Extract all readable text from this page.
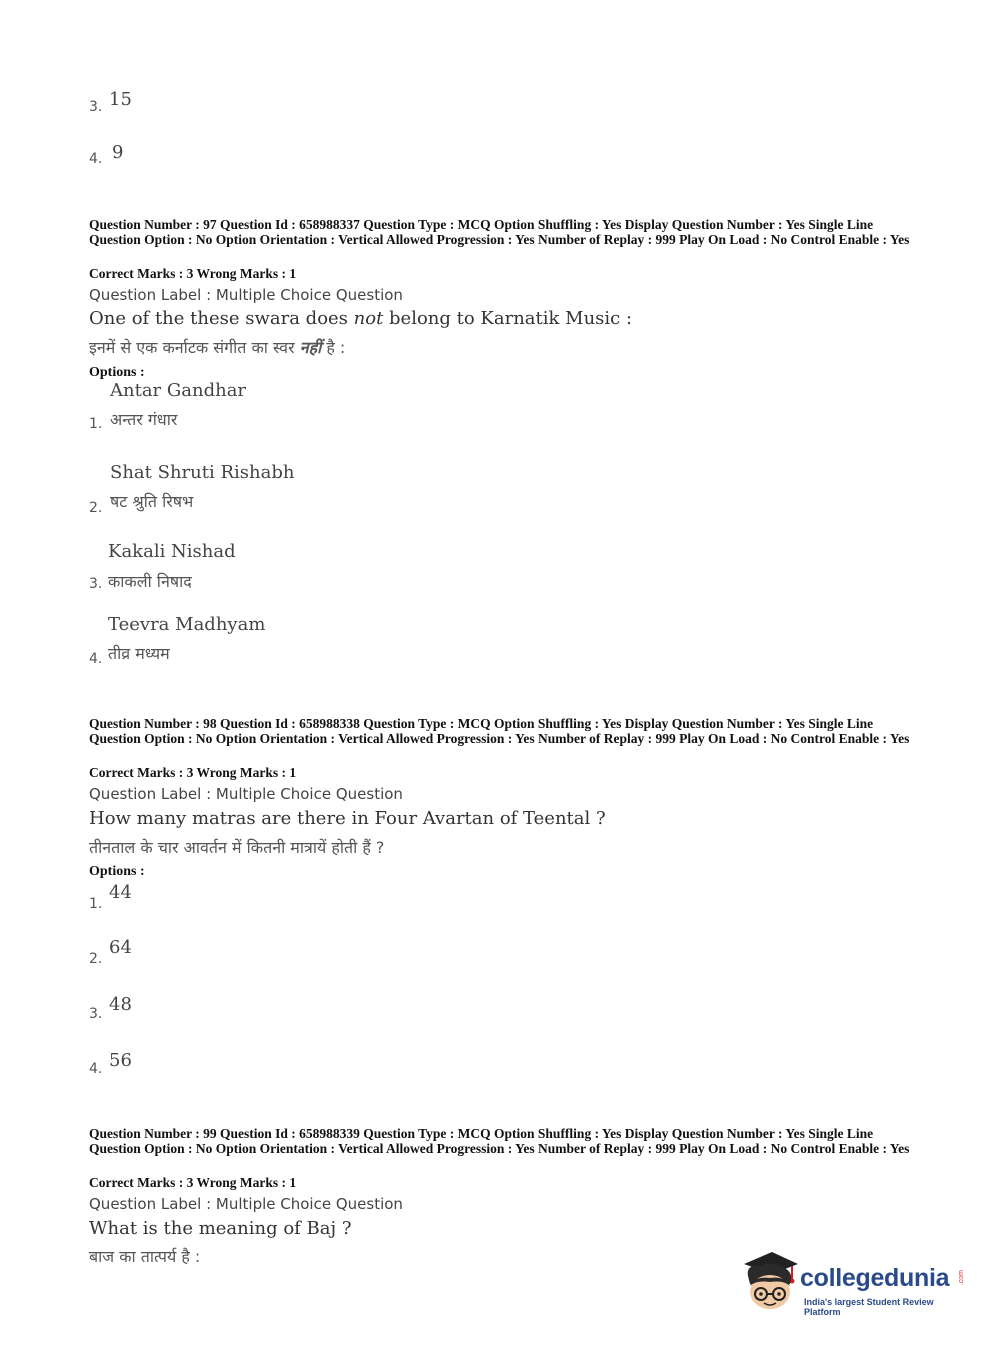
3. 15
4. 9
Question Number : 97 Question Id : 658988337 Question Type : MCQ Option Shuffling : Yes Display Question Number : Yes Single Line Question Option : No Option Orientation : Vertical Allowed Progression : Yes Number of Replay : 999 Play On Load : No Control Enable : Yes
Correct Marks : 3 Wrong Marks : 1
Question Label : Multiple Choice Question
One of the these swara does not belong to Karnatik Music :
इनमें से एक कर्नाटक संगीत का स्वर नहीं है :
Options :
Antar Gandhar
अन्तर गंधार
1.
Shat Shruti Rishabh
षट श्रुति रिषभ
2.
Kakali Nishad
काकली निषाद
3.
Teevra Madhyam
तीव्र मध्यम
4.
Question Number : 98 Question Id : 658988338 Question Type : MCQ Option Shuffling : Yes Display Question Number : Yes Single Line Question Option : No Option Orientation : Vertical Allowed Progression : Yes Number of Replay : 999 Play On Load : No Control Enable : Yes
Correct Marks : 3 Wrong Marks : 1
Question Label : Multiple Choice Question
How many matras are there in Four Avartan of Teental ?
तीनताल के चार आवर्तन में कितनी मात्रायें होती हैं ?
Options :
1.
44
2.
64
3. 48
4. 56
Question Number : 99 Question Id : 658988339 Question Type : MCQ Option Shuffling : Yes Display Question Number : Yes Single Line Question Option : No Option Orientation : Vertical Allowed Progression : Yes Number of Replay : 999 Play On Load : No Control Enable : Yes
Correct Marks : 3 Wrong Marks : 1
Question Label : Multiple Choice Question
What is the meaning of Baj ?
बाज का तात्पर्य है :
collegedunia .com
India's largest Student Review Platform
